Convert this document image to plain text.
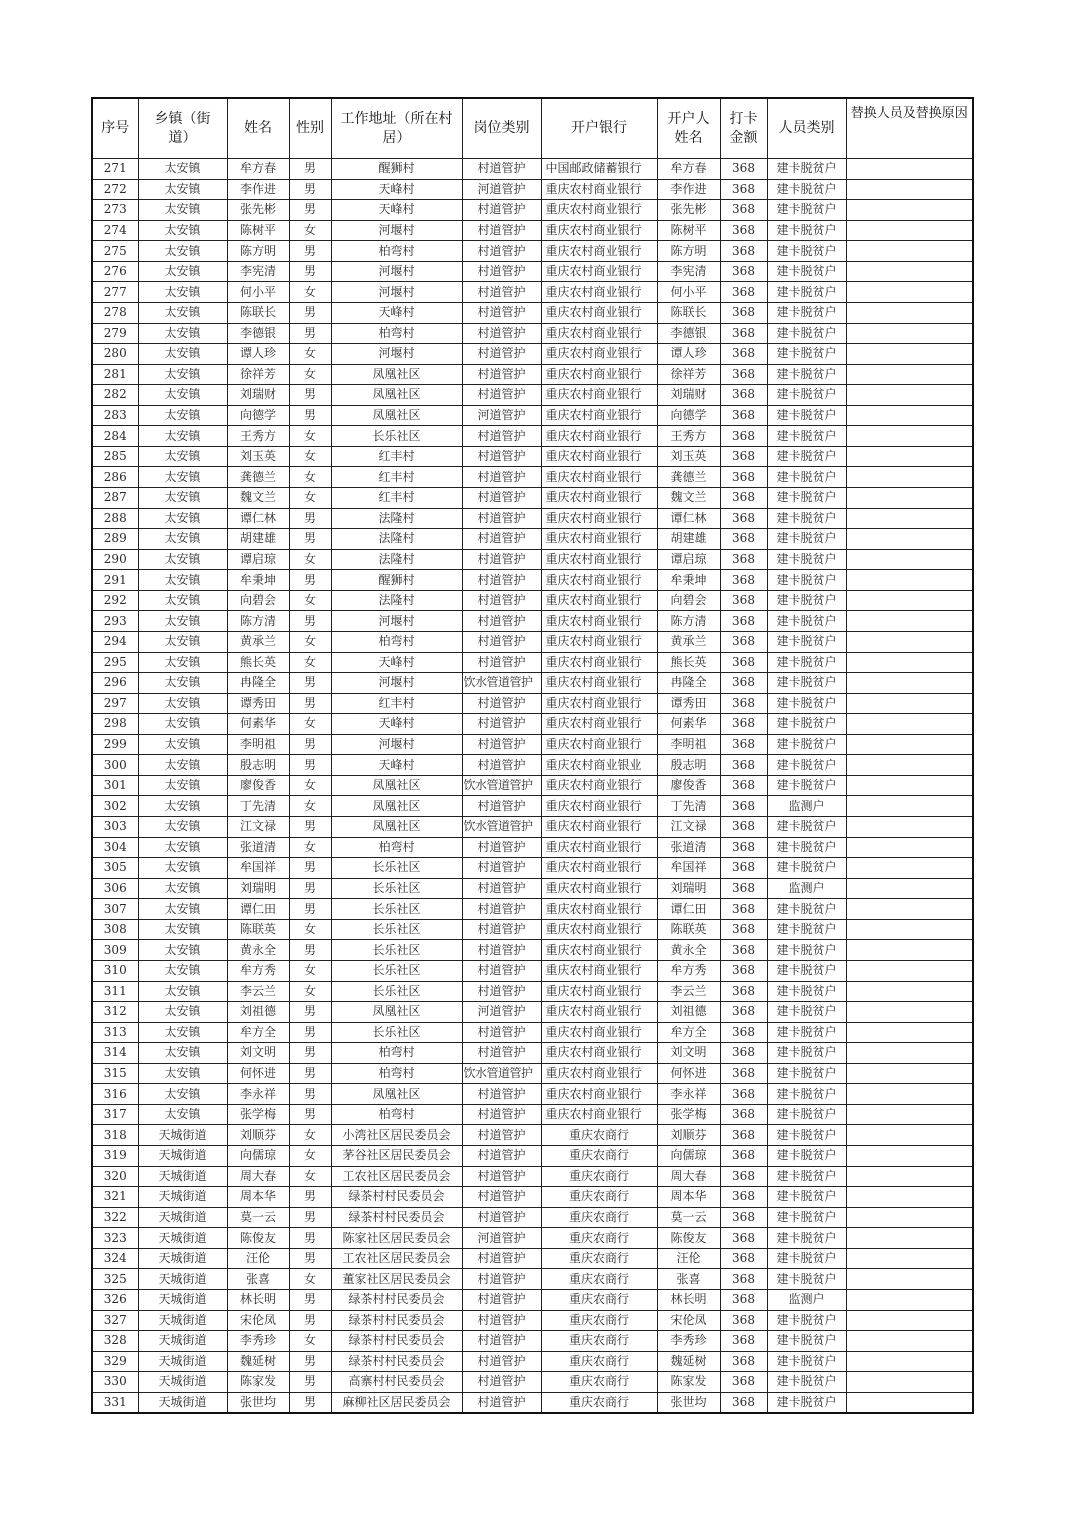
序号	乡镇（街道）	姓名	性别	工作地址（所在村居）	岗位类别	开户银行	开户人姓名	打卡金额	人员类别	替换人员及替换原因
271	太安镇	牟方春	男	醒狮村	村道管护	中国邮政储蓄银行	牟方春	368	建卡脱贫户	
272	太安镇	李作进	男	天峰村	河道管护	重庆农村商业银行	李作进	368	建卡脱贫户	
273	太安镇	张先彬	男	天峰村	村道管护	重庆农村商业银行	张先彬	368	建卡脱贫户	
274	太安镇	陈树平	女	河堰村	村道管护	重庆农村商业银行	陈树平	368	建卡脱贫户	
275	太安镇	陈方明	男	柏弯村	村道管护	重庆农村商业银行	陈方明	368	建卡脱贫户	
276	太安镇	李宪清	男	河堰村	村道管护	重庆农村商业银行	李宪清	368	建卡脱贫户	
277	太安镇	何小平	女	河堰村	村道管护	重庆农村商业银行	何小平	368	建卡脱贫户	
278	太安镇	陈联长	男	天峰村	村道管护	重庆农村商业银行	陈联长	368	建卡脱贫户	
279	太安镇	李德银	男	柏弯村	村道管护	重庆农村商业银行	李德银	368	建卡脱贫户	
280	太安镇	谭人珍	女	河堰村	村道管护	重庆农村商业银行	谭人珍	368	建卡脱贫户	
281	太安镇	徐祥芳	女	凤凰社区	村道管护	重庆农村商业银行	徐祥芳	368	建卡脱贫户	
282	太安镇	刘瑞财	男	凤凰社区	村道管护	重庆农村商业银行	刘瑞财	368	建卡脱贫户	
283	太安镇	向德学	男	凤凰社区	河道管护	重庆农村商业银行	向德学	368	建卡脱贫户	
284	太安镇	王秀方	女	长乐社区	村道管护	重庆农村商业银行	王秀方	368	建卡脱贫户	
285	太安镇	刘玉英	女	红丰村	村道管护	重庆农村商业银行	刘玉英	368	建卡脱贫户	
286	太安镇	龚德兰	女	红丰村	村道管护	重庆农村商业银行	龚德兰	368	建卡脱贫户	
287	太安镇	魏文兰	女	红丰村	村道管护	重庆农村商业银行	魏文兰	368	建卡脱贫户	
288	太安镇	谭仁林	男	法隆村	村道管护	重庆农村商业银行	谭仁林	368	建卡脱贫户	
289	太安镇	胡建雄	男	法隆村	村道管护	重庆农村商业银行	胡建雄	368	建卡脱贫户	
290	太安镇	谭启琼	女	法隆村	村道管护	重庆农村商业银行	谭启琼	368	建卡脱贫户	
291	太安镇	牟秉坤	男	醒狮村	村道管护	重庆农村商业银行	牟秉坤	368	建卡脱贫户	
292	太安镇	向碧会	女	法隆村	村道管护	重庆农村商业银行	向碧会	368	建卡脱贫户	
293	太安镇	陈方清	男	河堰村	村道管护	重庆农村商业银行	陈方清	368	建卡脱贫户	
294	太安镇	黄承兰	女	柏弯村	村道管护	重庆农村商业银行	黄承兰	368	建卡脱贫户	
295	太安镇	熊长英	女	天峰村	村道管护	重庆农村商业银行	熊长英	368	建卡脱贫户	
296	太安镇	冉隆全	男	河堰村	饮水管道管护	重庆农村商业银行	冉隆全	368	建卡脱贫户	
297	太安镇	谭秀田	男	红丰村	村道管护	重庆农村商业银行	谭秀田	368	建卡脱贫户	
298	太安镇	何素华	女	天峰村	村道管护	重庆农村商业银行	何素华	368	建卡脱贫户	
299	太安镇	李明祖	男	河堰村	村道管护	重庆农村商业银行	李明祖	368	建卡脱贫户	
300	太安镇	殷志明	男	天峰村	村道管护	重庆农村商业银业	殷志明	368	建卡脱贫户	
301	太安镇	廖俊香	女	凤凰社区	饮水管道管护	重庆农村商业银行	廖俊香	368	建卡脱贫户	
302	太安镇	丁先清	女	凤凰社区	村道管护	重庆农村商业银行	丁先清	368	监测户	
303	太安镇	江文禄	男	凤凰社区	饮水管道管护	重庆农村商业银行	江文禄	368	建卡脱贫户	
304	太安镇	张道清	女	柏弯村	村道管护	重庆农村商业银行	张道清	368	建卡脱贫户	
305	太安镇	牟国祥	男	长乐社区	村道管护	重庆农村商业银行	牟国祥	368	建卡脱贫户	
306	太安镇	刘瑞明	男	长乐社区	村道管护	重庆农村商业银行	刘瑞明	368	监测户	
307	太安镇	谭仁田	男	长乐社区	村道管护	重庆农村商业银行	谭仁田	368	建卡脱贫户	
308	太安镇	陈联英	女	长乐社区	村道管护	重庆农村商业银行	陈联英	368	建卡脱贫户	
309	太安镇	黄永全	男	长乐社区	村道管护	重庆农村商业银行	黄永全	368	建卡脱贫户	
310	太安镇	牟方秀	女	长乐社区	村道管护	重庆农村商业银行	牟方秀	368	建卡脱贫户	
311	太安镇	李云兰	女	长乐社区	村道管护	重庆农村商业银行	李云兰	368	建卡脱贫户	
312	太安镇	刘祖德	男	凤凰社区	河道管护	重庆农村商业银行	刘祖德	368	建卡脱贫户	
313	太安镇	牟方全	男	长乐社区	村道管护	重庆农村商业银行	牟方全	368	建卡脱贫户	
314	太安镇	刘文明	男	柏弯村	村道管护	重庆农村商业银行	刘文明	368	建卡脱贫户	
315	太安镇	何怀进	男	柏弯村	饮水管道管护	重庆农村商业银行	何怀进	368	建卡脱贫户	
316	太安镇	李永祥	男	凤凰社区	村道管护	重庆农村商业银行	李永祥	368	建卡脱贫户	
317	太安镇	张学梅	男	柏弯村	村道管护	重庆农村商业银行	张学梅	368	建卡脱贫户	
318	天城街道	刘顺芬	女	小湾社区居民委员会	村道管护	重庆农商行	刘顺芬	368	建卡脱贫户	
319	天城街道	向儒琼	女	茅谷社区居民委员会	村道管护	重庆农商行	向儒琼	368	建卡脱贫户	
320	天城街道	周大春	女	工农社区居民委员会	村道管护	重庆农商行	周大春	368	建卡脱贫户	
321	天城街道	周本华	男	绿茶村村民委员会	村道管护	重庆农商行	周本华	368	建卡脱贫户	
322	天城街道	莫一云	男	绿茶村村民委员会	村道管护	重庆农商行	莫一云	368	建卡脱贫户	
323	天城街道	陈俊友	男	陈家社区居民委员会	河道管护	重庆农商行	陈俊友	368	建卡脱贫户	
324	天城街道	汪伦	男	工农社区居民委员会	村道管护	重庆农商行	汪伦	368	建卡脱贫户	
325	天城街道	张喜	女	董家社区居民委员会	村道管护	重庆农商行	张喜	368	建卡脱贫户	
326	天城街道	林长明	男	绿茶村村民委员会	村道管护	重庆农商行	林长明	368	监测户	
327	天城街道	宋伦凤	男	绿茶村村民委员会	村道管护	重庆农商行	宋伦凤	368	建卡脱贫户	
328	天城街道	李秀珍	女	绿茶村村民委员会	村道管护	重庆农商行	李秀珍	368	建卡脱贫户	
329	天城街道	魏延树	男	绿茶村村民委员会	村道管护	重庆农商行	魏延树	368	建卡脱贫户	
330	天城街道	陈家发	男	高寨村村民委员会	村道管护	重庆农商行	陈家发	368	建卡脱贫户	
331	天城街道	张世均	男	麻柳社区居民委员会	村道管护	重庆农商行	张世均	368	建卡脱贫户	
